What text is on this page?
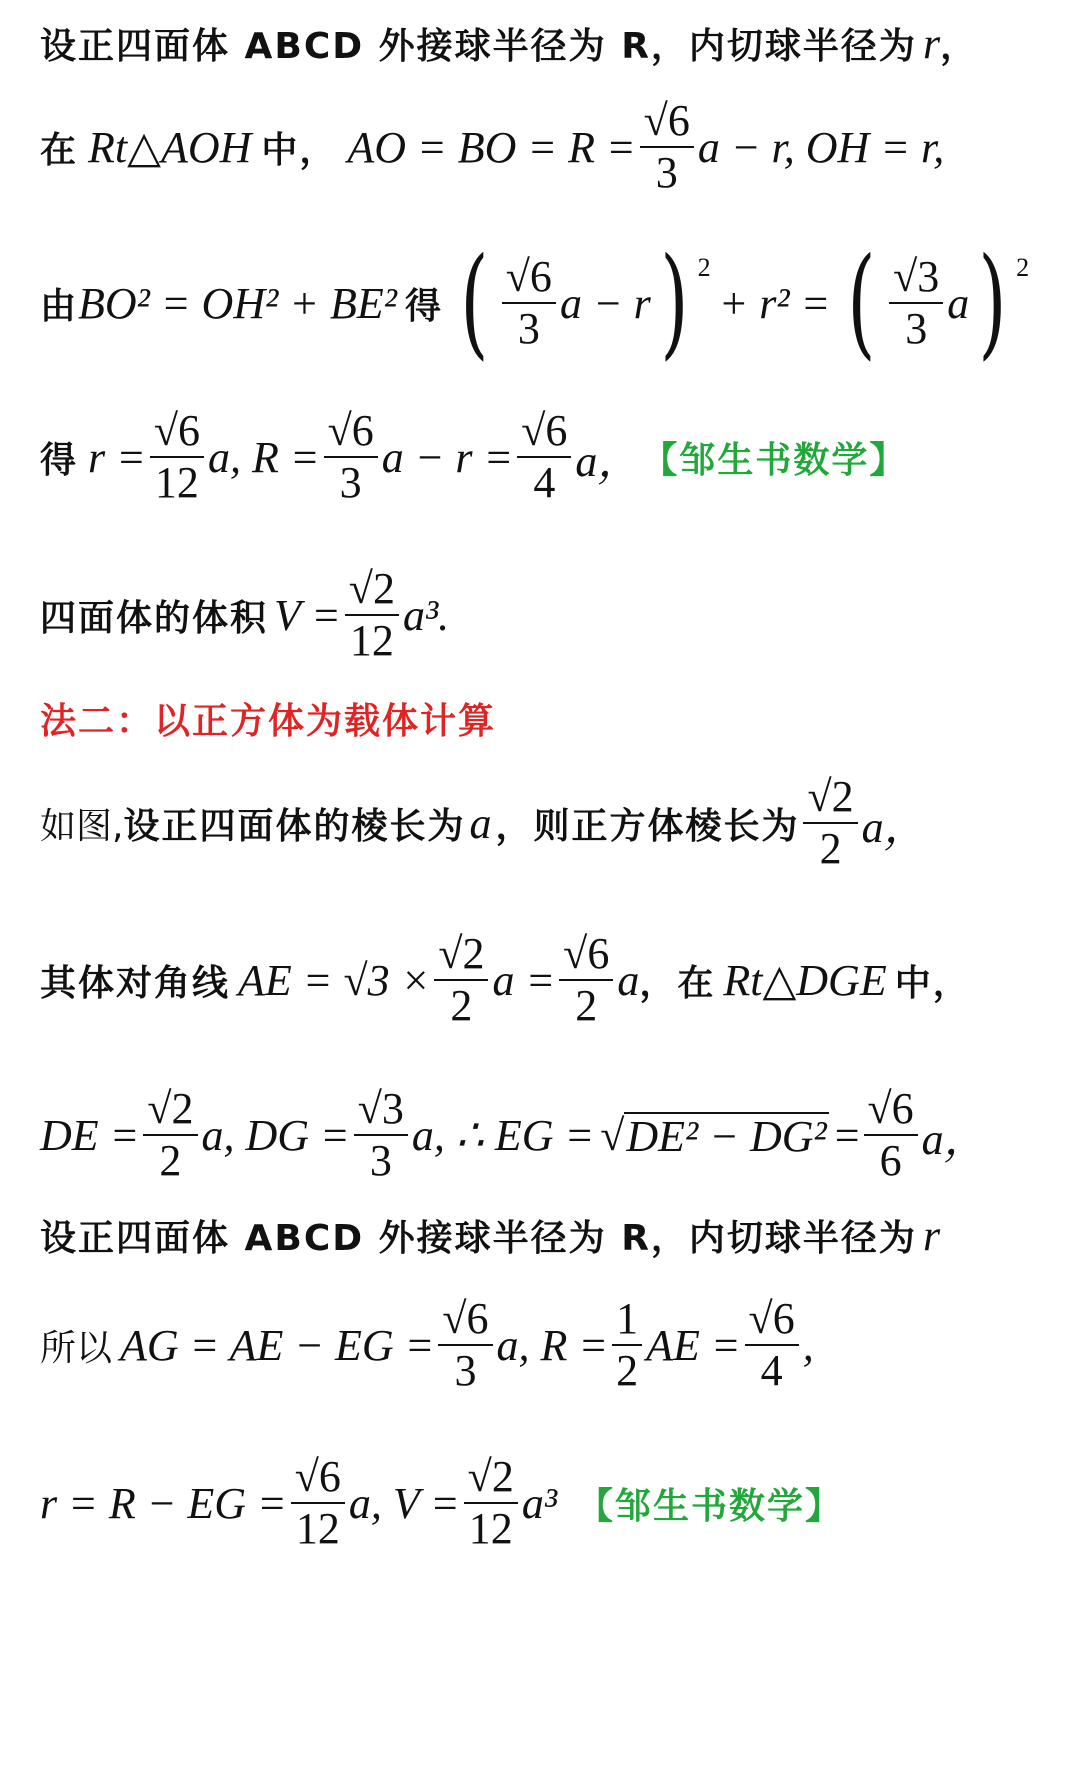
设正四面体 ABCD 外接球半径为 R，内切球半径为 r ，
在 Rt△AOH 中， AO = BO = $R = \frac{√6}{3}$ a − r, OH = r,
由 BO² = OH² + BE² 得 ( $\frac{√6}{3}$ a − r ) 2
+ r² = ( $\frac{√3}{3}$ a ) 2
得 $r = \frac{√6}{12} a$, $R = \frac{√6}{3}$ $a - r = \frac{√6}{4}$ a， 【邹生书数学】
四面体的体积 $V = \frac{√2}{12} a^3$.
法二：以正方体为载体计算
如图, 设正四面体的棱长为 a ，则正方体棱长为 $\frac{√2}{2}$ a，
其体对角线 AE = $√3 \times \frac{√2}{2}$ $a = \frac{√6}{2}$ a ，在 Rt△DGE 中，
DE = $\frac{√2}{2} a$, DG = $\frac{√3}{3} a$, ∴ EG = √ $DE^2 - DG^2 = \frac{√6}{6}$ a，
设正四面体 ABCD 外接球半径为 R，内切球半径为 r
所以 AG = AE − EG = $\frac{√6}{3} a$, $R = \frac{1}{2}$ AE = $\frac{√6}{4}$ ,
r = R − EG = $\frac{√6}{12} a$, $V = \frac{√2}{12} a^3$ 【邹生书数学】
